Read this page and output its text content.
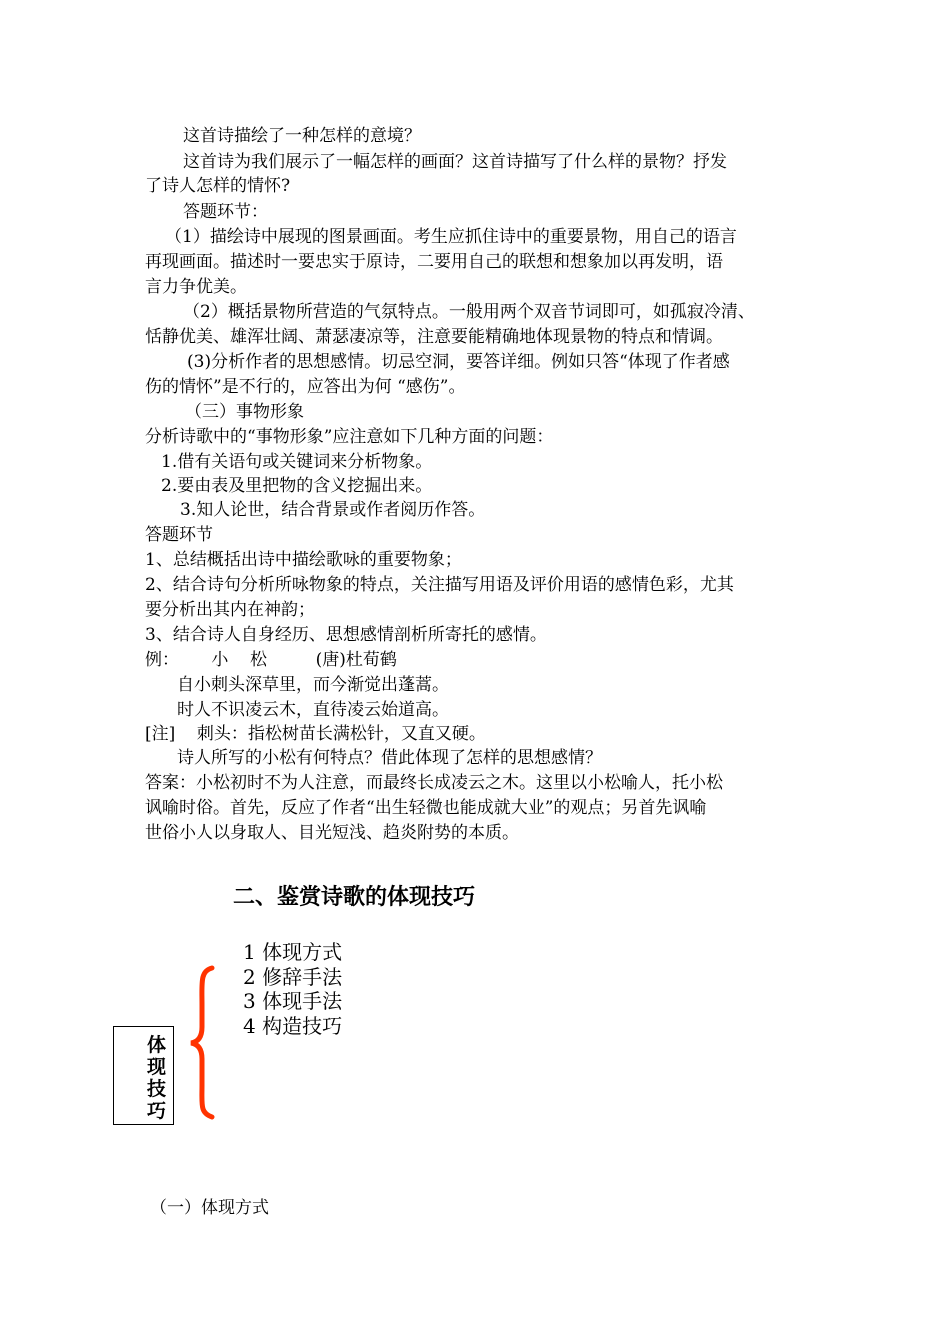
这首诗描绘了一种怎样的意境？
这首诗为我们展示了一幅怎样的画面？这首诗描写了什么样的景物？抒发
了诗人怎样的情怀?
答题环节：
（1）描绘诗中展现的图景画面。考生应抓住诗中的重要景物，用自己的语言
再现画面。描述时一要忠实于原诗，二要用自己的联想和想象加以再发明，语
言力争优美。
（2）概括景物所营造的气氛特点。一般用两个双音节词即可，如孤寂冷清、
恬静优美、雄浑壮阔、萧瑟凄凉等，注意要能精确地体现景物的特点和情调。
(3)分析作者的思想感情。切忌空洞，要答详细。例如只答“体现了作者感
伤的情怀”是不行的，应答出为何 “感伤”。
（三）事物形象
分析诗歌中的“事物形象”应注意如下几种方面的问题：
1.借有关语句或关键词来分析物象。
2.要由表及里把物的含义挖掘出来。
3.知人论世，结合背景或作者阅历作答。
答题环节
1、总结概括出诗中描绘歌咏的重要物象；
2、结合诗句分析所咏物象的特点，关注描写用语及评价用语的感情色彩，尤其
要分析出其内在神韵；
3、结合诗人自身经历、思想感情剖析所寄托的感情。
例：      小    松         (唐)杜荀鹤
自小刺头深草里，而今渐觉出蓬蒿。
时人不识凌云木，直待凌云始道高。
[注]    刺头：指松树苗长满松针，又直又硬。
诗人所写的小松有何特点？借此体现了怎样的思想感情？
答案：小松初时不为人注意，而最终长成凌云之木。这里以小松喻人，托小松
讽喻时俗。首先，反应了作者“出生轻微也能成就大业”的观点；另首先讽喻
世俗小人以身取人、目光短浅、趋炎附势的本质。
二、鉴赏诗歌的体现技巧
1 体现方式
2 修辞手法
3 体现手法
4 构造技巧
体
现
技
巧
（一）体现方式
